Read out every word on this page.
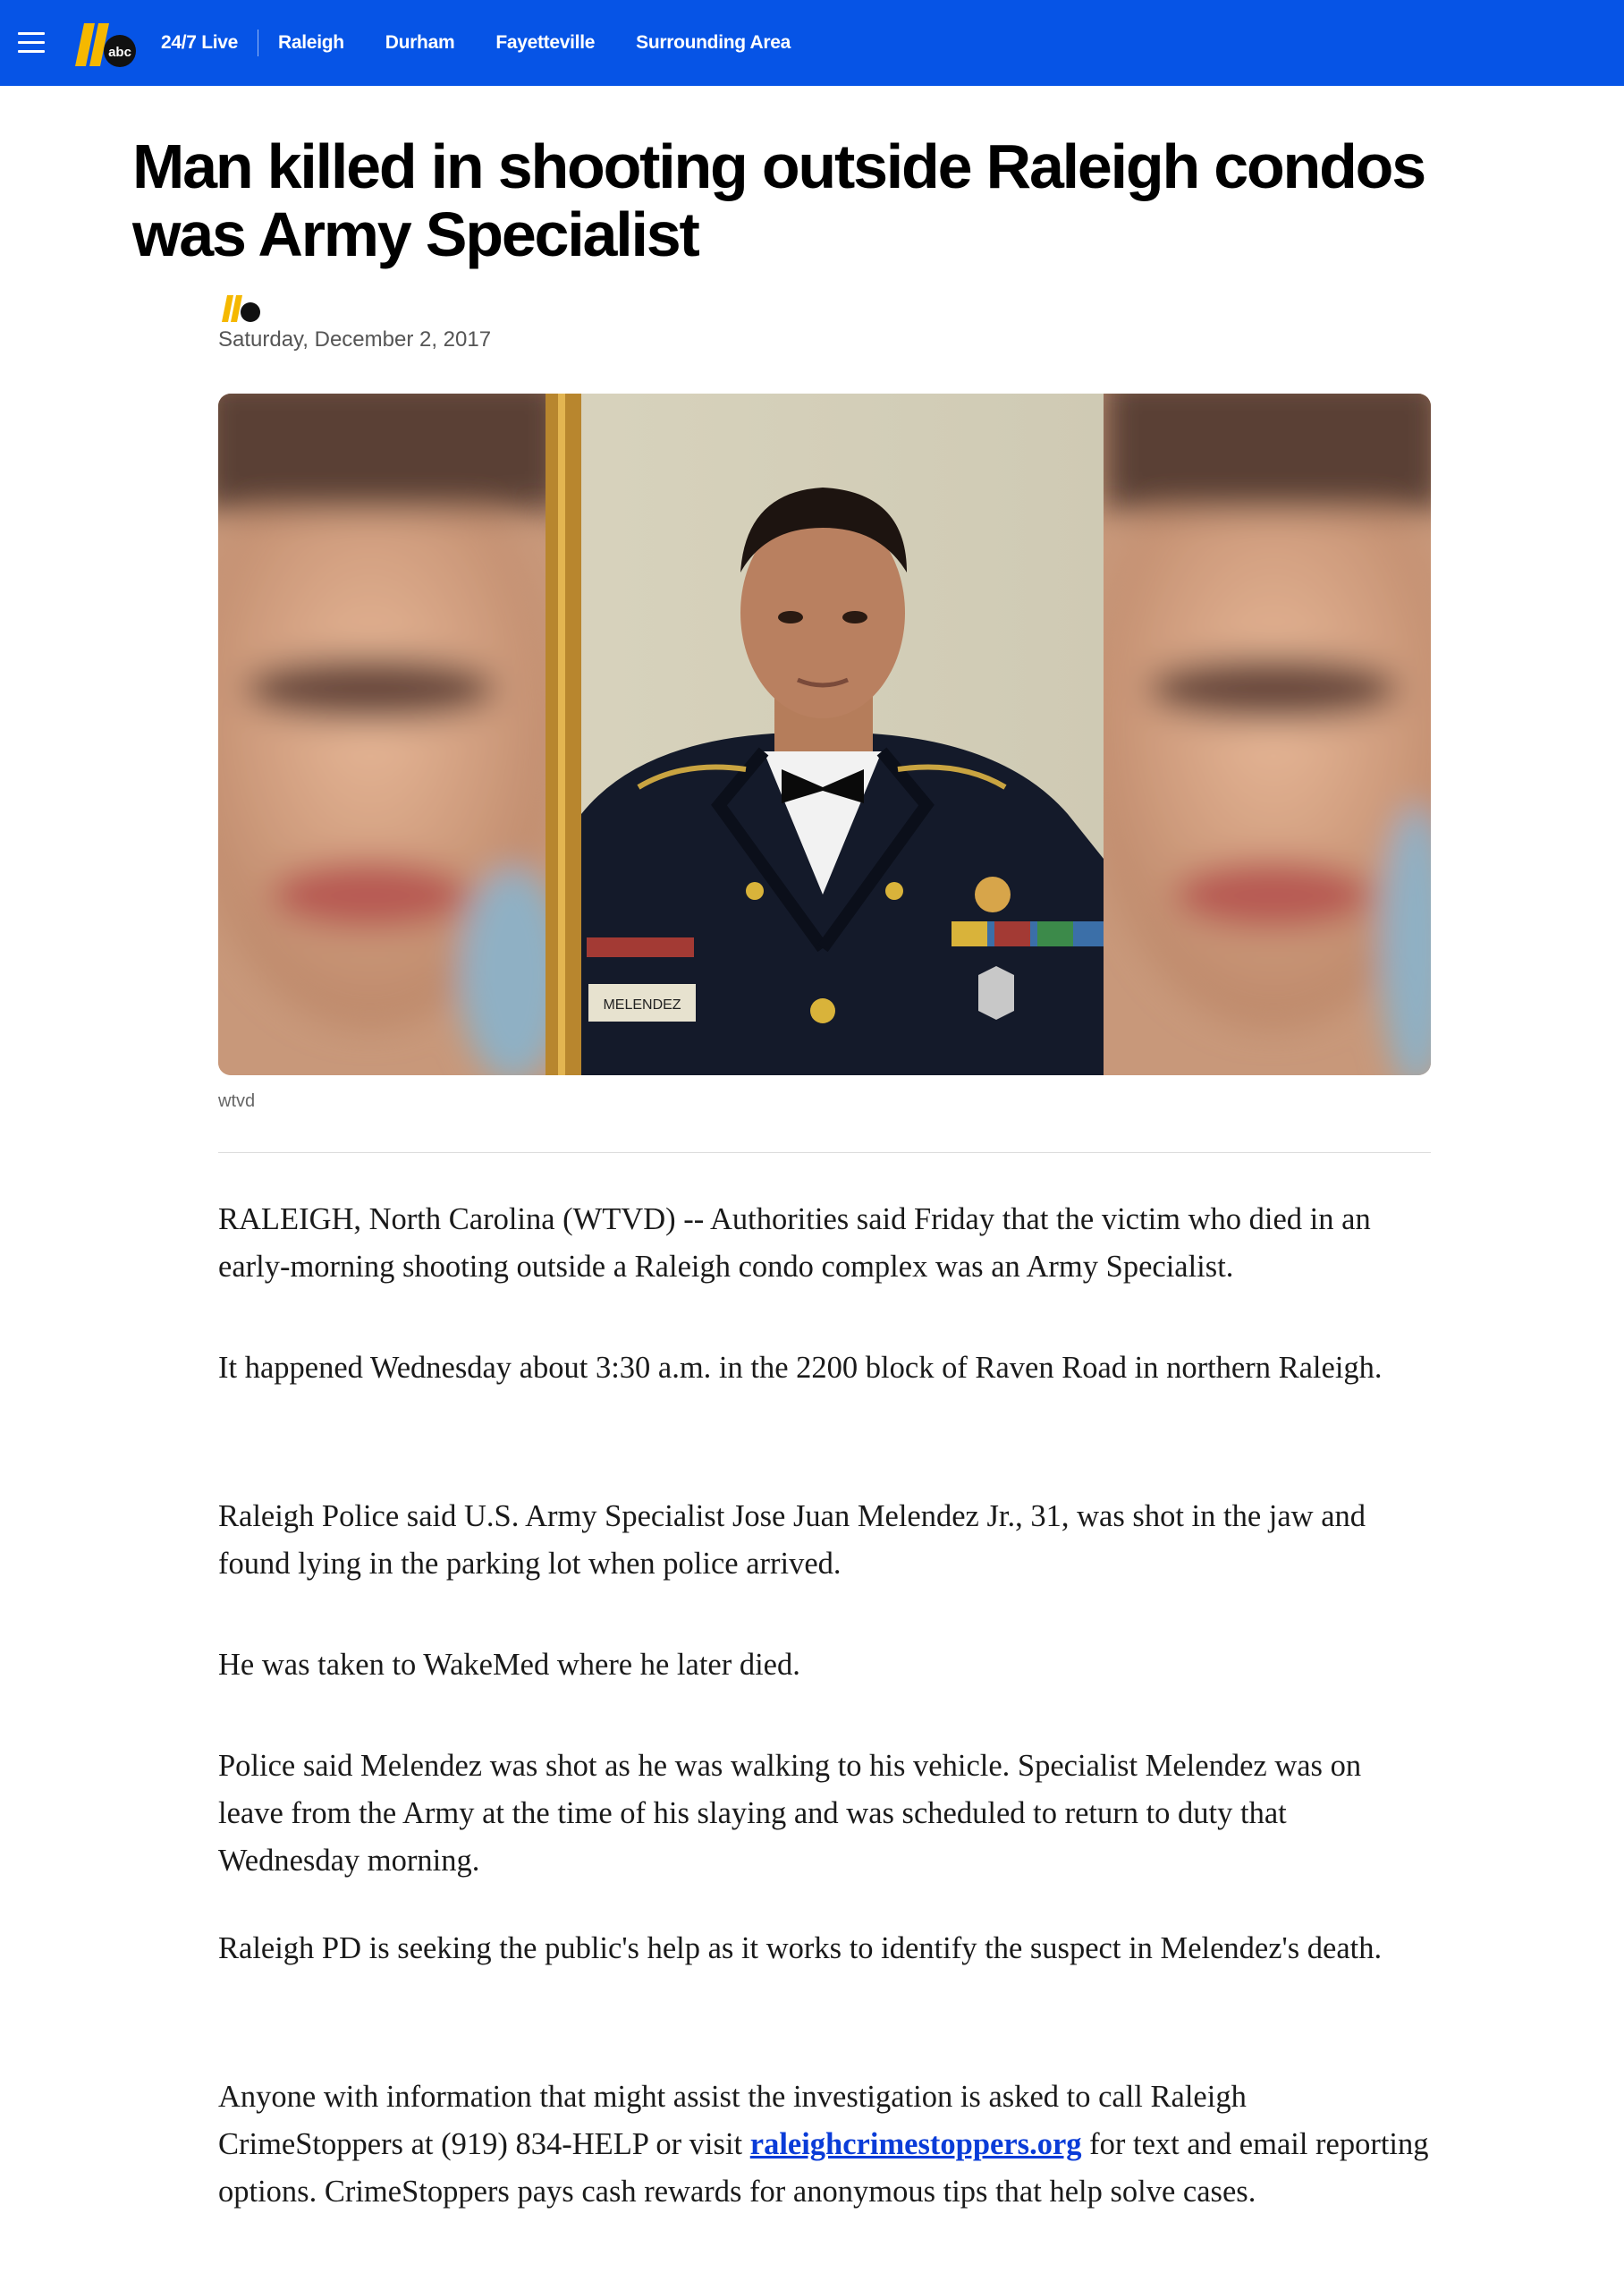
abc 24/7 Live Raleigh Durham Fayetteville Surrounding Area
Man killed in shooting outside Raleigh condos was Army Specialist
Saturday, December 2, 2017
MELENDEZ
wtvd

RALEIGH, North Carolina (WTVD) -- Authorities said Friday that the victim who died in an early-morning shooting outside a Raleigh condo complex was an Army Specialist.

It happened Wednesday about 3:30 a.m. in the 2200 block of Raven Road in northern Raleigh.

Raleigh Police said U.S. Army Specialist Jose Juan Melendez Jr., 31, was shot in the jaw and found lying in the parking lot when police arrived.

He was taken to WakeMed where he later died.

Police said Melendez was shot as he was walking to his vehicle. Specialist Melendez was on leave from the Army at the time of his slaying and was scheduled to return to duty that Wednesday morning.

Raleigh PD is seeking the public's help as it works to identify the suspect in Melendez's death.

Anyone with information that might assist the investigation is asked to call Raleigh CrimeStoppers at (919) 834-HELP or visit raleighcrimestoppers.org for text and email reporting options. CrimeStoppers pays cash rewards for anonymous tips that help solve cases.
